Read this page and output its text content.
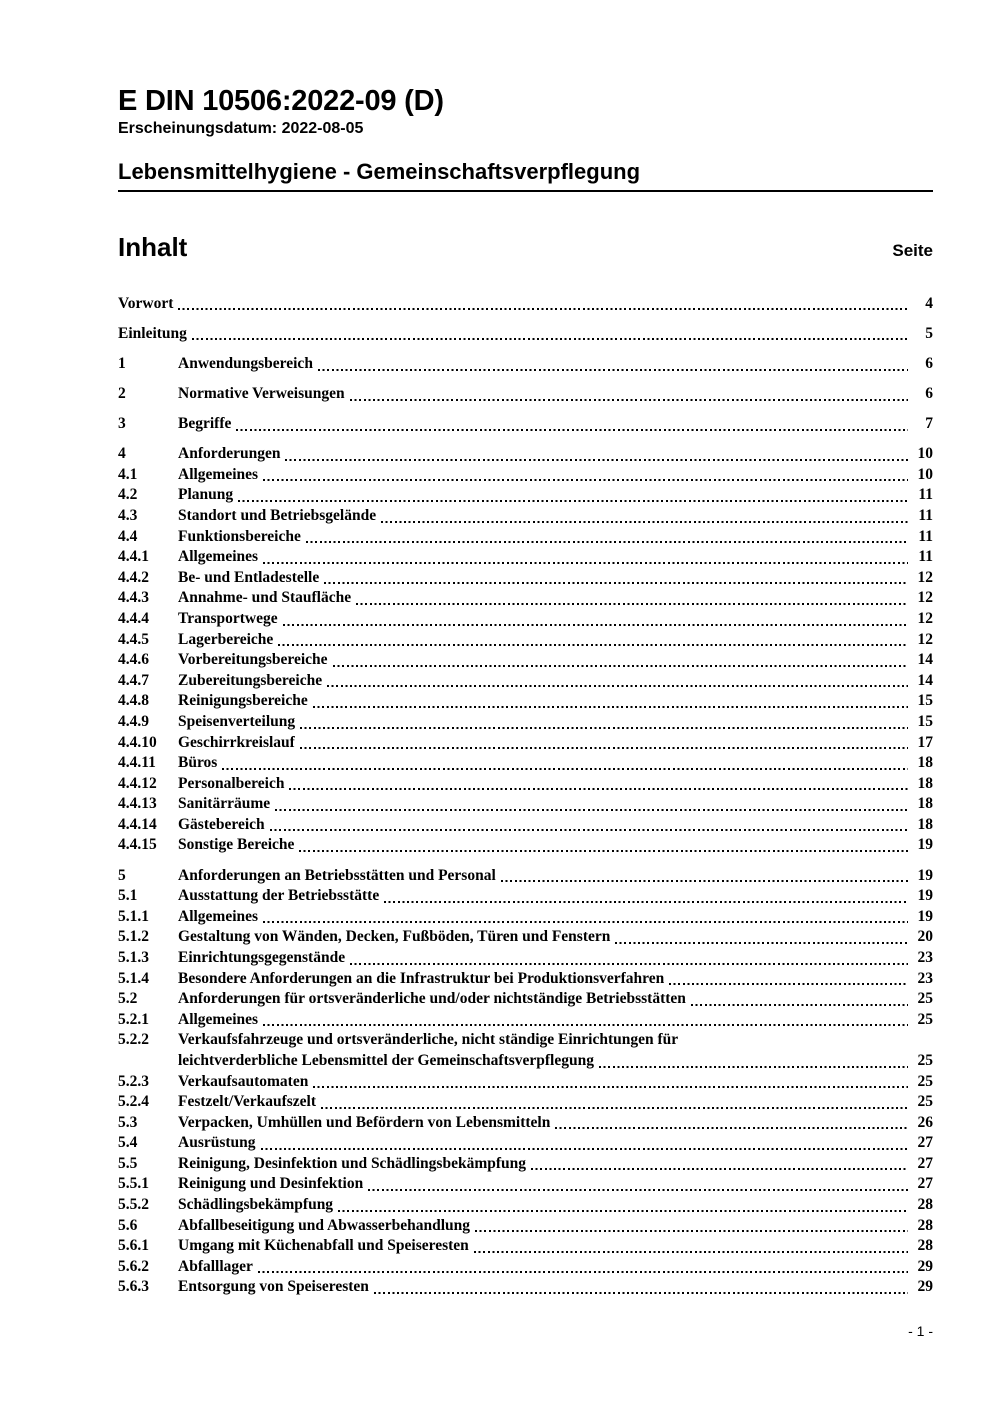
E DIN 10506:2022-09 (D)
Erscheinungsdatum: 2022-08-05
Lebensmittelhygiene - Gemeinschaftsverpflegung
Inhalt	Seite
Vorwort	4
Einleitung	5
1	Anwendungsbereich	6
2	Normative Verweisungen	6
3	Begriffe	7
4	Anforderungen	10
4.1	Allgemeines	10
4.2	Planung	11
4.3	Standort und Betriebsgelände	11
4.4	Funktionsbereiche	11
4.4.1	Allgemeines	11
4.4.2	Be- und Entladestelle	12
4.4.3	Annahme- und Staufläche	12
4.4.4	Transportwege	12
4.4.5	Lagerbereiche	12
4.4.6	Vorbereitungsbereiche	14
4.4.7	Zubereitungsbereiche	14
4.4.8	Reinigungsbereiche	15
4.4.9	Speisenverteilung	15
4.4.10	Geschirrkreislauf	17
4.4.11	Büros	18
4.4.12	Personalbereich	18
4.4.13	Sanitärräume	18
4.4.14	Gästebereich	18
4.4.15	Sonstige Bereiche	19
5	Anforderungen an Betriebsstätten und Personal	19
5.1	Ausstattung der Betriebsstätte	19
5.1.1	Allgemeines	19
5.1.2	Gestaltung von Wänden, Decken, Fußböden, Türen und Fenstern	20
5.1.3	Einrichtungsgegenstände	23
5.1.4	Besondere Anforderungen an die Infrastruktur bei Produktionsverfahren	23
5.2	Anforderungen für ortsveränderliche und/oder nichtständige Betriebsstätten	25
5.2.1	Allgemeines	25
5.2.2	Verkaufsfahrzeuge und ortsveränderliche, nicht ständige Einrichtungen für
leichtverderbliche Lebensmittel der Gemeinschaftsverpflegung	25
5.2.3	Verkaufsautomaten	25
5.2.4	Festzelt/Verkaufszelt	25
5.3	Verpacken, Umhüllen und Befördern von Lebensmitteln	26
5.4	Ausrüstung	27
5.5	Reinigung, Desinfektion und Schädlingsbekämpfung	27
5.5.1	Reinigung und Desinfektion	27
5.5.2	Schädlingsbekämpfung	28
5.6	Abfallbeseitigung und Abwasserbehandlung	28
5.6.1	Umgang mit Küchenabfall und Speiseresten	28
5.6.2	Abfalllager	29
5.6.3	Entsorgung von Speiseresten	29
- 1 -
